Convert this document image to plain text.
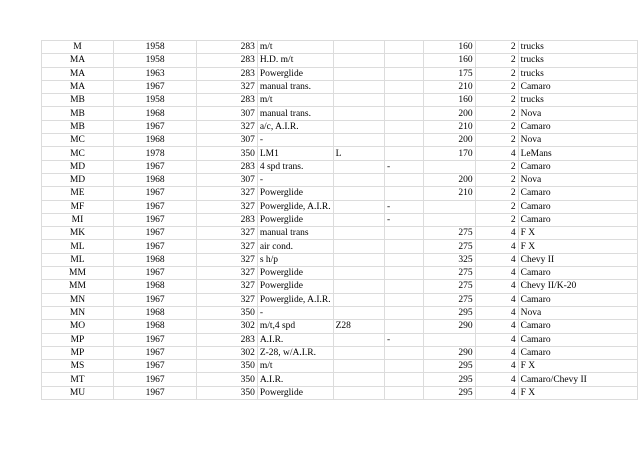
M	1958	283	m/t			160	2	trucks
MA	1958	283	H.D. m/t			160	2	trucks
MA	1963	283	Powerglide			175	2	trucks
MA	1967	327	manual trans.			210	2	Camaro
MB	1958	283	m/t			160	2	trucks
MB	1968	307	manual trans.			200	2	Nova
MB	1967	327	a/c, A.I.R.			210	2	Camaro
MC	1968	307	-			200	2	Nova
MC	1978	350	LM1	L		170	4	LeMans
MD	1967	283	4 spd trans.		-		2	Camaro
MD	1968	307	-			200	2	Nova
ME	1967	327	Powerglide			210	2	Camaro
MF	1967	327	Powerglide, A.I.R.		-		2	Camaro
MI	1967	283	Powerglide		-		2	Camaro
MK	1967	327	manual trans			275	4	F X
ML	1967	327	air cond.			275	4	F X
ML	1968	327	s h/p			325	4	Chevy II
MM	1967	327	Powerglide			275	4	Camaro
MM	1968	327	Powerglide			275	4	Chevy II/K-20
MN	1967	327	Powerglide, A.I.R.			275	4	Camaro
MN	1968	350	-			295	4	Nova
MO	1968	302	m/t,4 spd	Z28		290	4	Camaro
MP	1967	283	A.I.R.		-		4	Camaro
MP	1967	302	Z-28, w/A.I.R.			290	4	Camaro
MS	1967	350	m/t			295	4	F X
MT	1967	350	A.I.R.			295	4	Camaro/Chevy II
MU	1967	350	Powerglide			295	4	F X
